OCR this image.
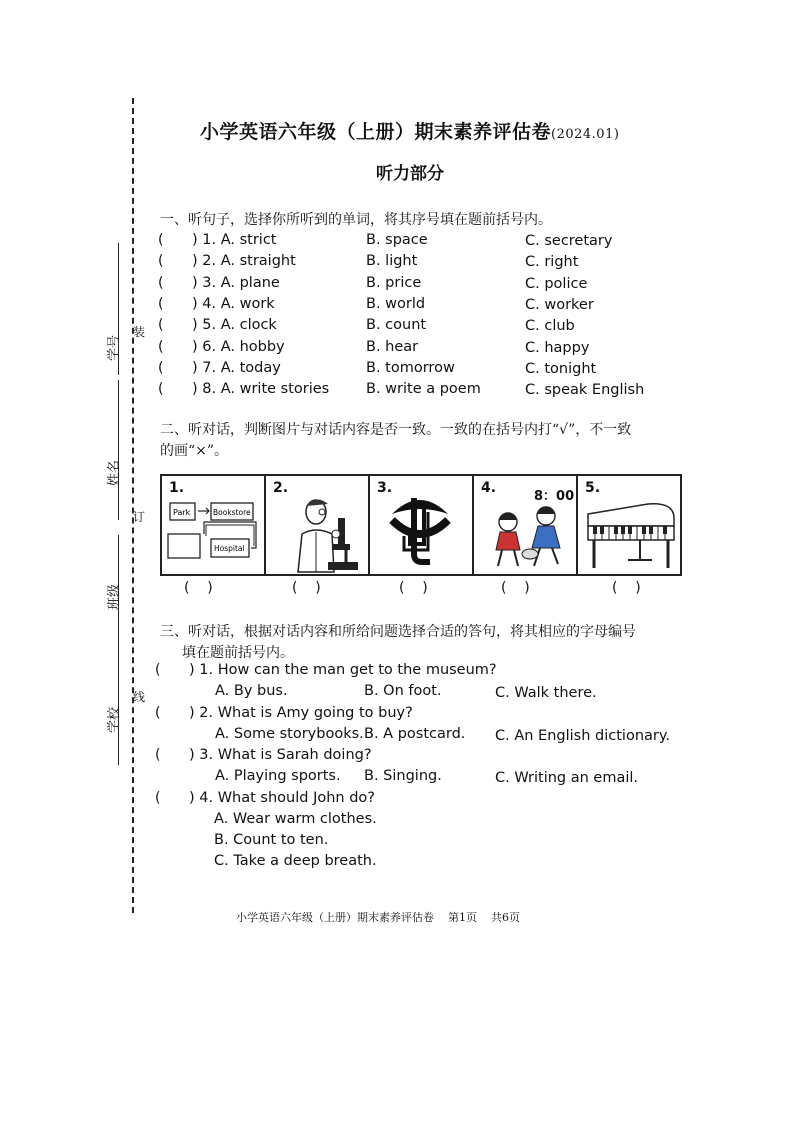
学号
姓名
班级
学校
装
订
线
小学英语六年级（上册）期末素养评估卷(2024.01)
听力部分
一、听句子，选择你所听到的单词，将其序号填在题前括号内。
( ) 1. A. strict	B. space	C. secretary
( ) 2. A. straight	B. light	C. right
( ) 3. A. plane	B. price	C. police
( ) 4. A. work	B. world	C. worker
( ) 5. A. clock	B. count	C. club
( ) 6. A. hobby	B. hear	C. happy
( ) 7. A. today	B. tomorrow	C. tonight
( ) 8. A. write stories	B. write a poem	C. speak English
二、听对话，判断图片与对话内容是否一致。一致的在括号内打“√”，不一致
的画“×”。
1.
Park	Bookstore
Hospital
2.	3.	4.
8：00
5.
(    )	(    )	(    )	(    )	(    )
三、听对话，根据对话内容和所给问题选择合适的答句，将其相应的字母编号
填在题前括号内。
( ) 1. How can the man get to the museum?
A. By bus.	B. On foot.	C. Walk there.
( ) 2. What is Amy going to buy?
A. Some storybooks. B. A postcard. C. An English dictionary.
( ) 3. What is Sarah doing?
A. Playing sports. B. Singing.	C. Writing an email.
( ) 4. What should John do?
A. Wear warm clothes.
B. Count to ten.
C. Take a deep breath.
小学英语六年级（上册）期末素养评估卷 第1页 共6页
